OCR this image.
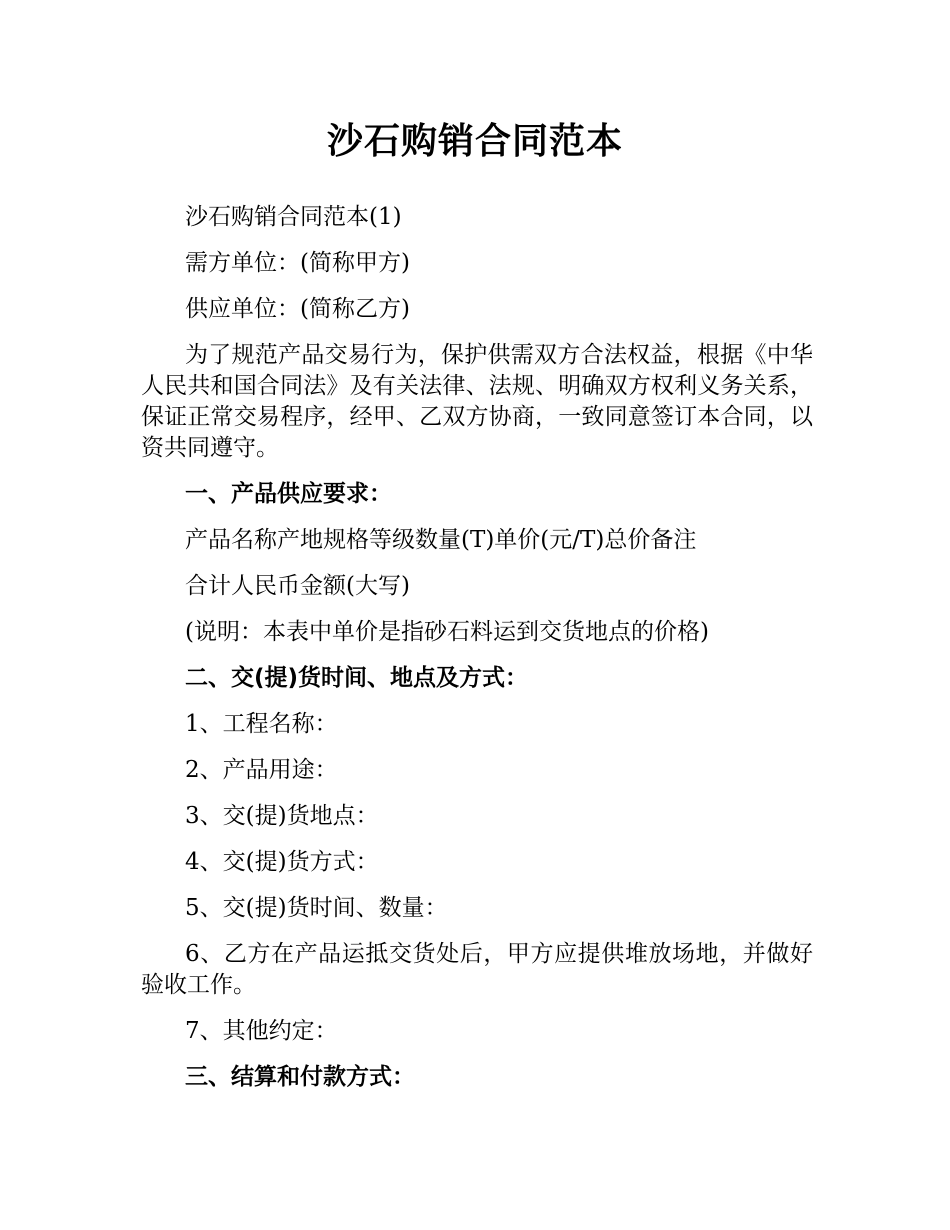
沙石购销合同范本

沙石购销合同范本(1)

需方单位：(简称甲方)

供应单位：(简称乙方)

为了规范产品交易行为，保护供需双方合法权益，根据《中华人民共和国合同法》及有关法律、法规、明确双方权利义务关系，保证正常交易程序，经甲、乙双方协商，一致同意签订本合同，以资共同遵守。

一、产品供应要求：

产品名称产地规格等级数量(T)单价(元/T)总价备注

合计人民币金额(大写)

(说明：本表中单价是指砂石料运到交货地点的价格)

二、交(提)货时间、地点及方式：

1、工程名称：

2、产品用途：

3、交(提)货地点：

4、交(提)货方式：

5、交(提)货时间、数量：

6、乙方在产品运抵交货处后，甲方应提供堆放场地，并做好验收工作。

7、其他约定：

三、结算和付款方式：
